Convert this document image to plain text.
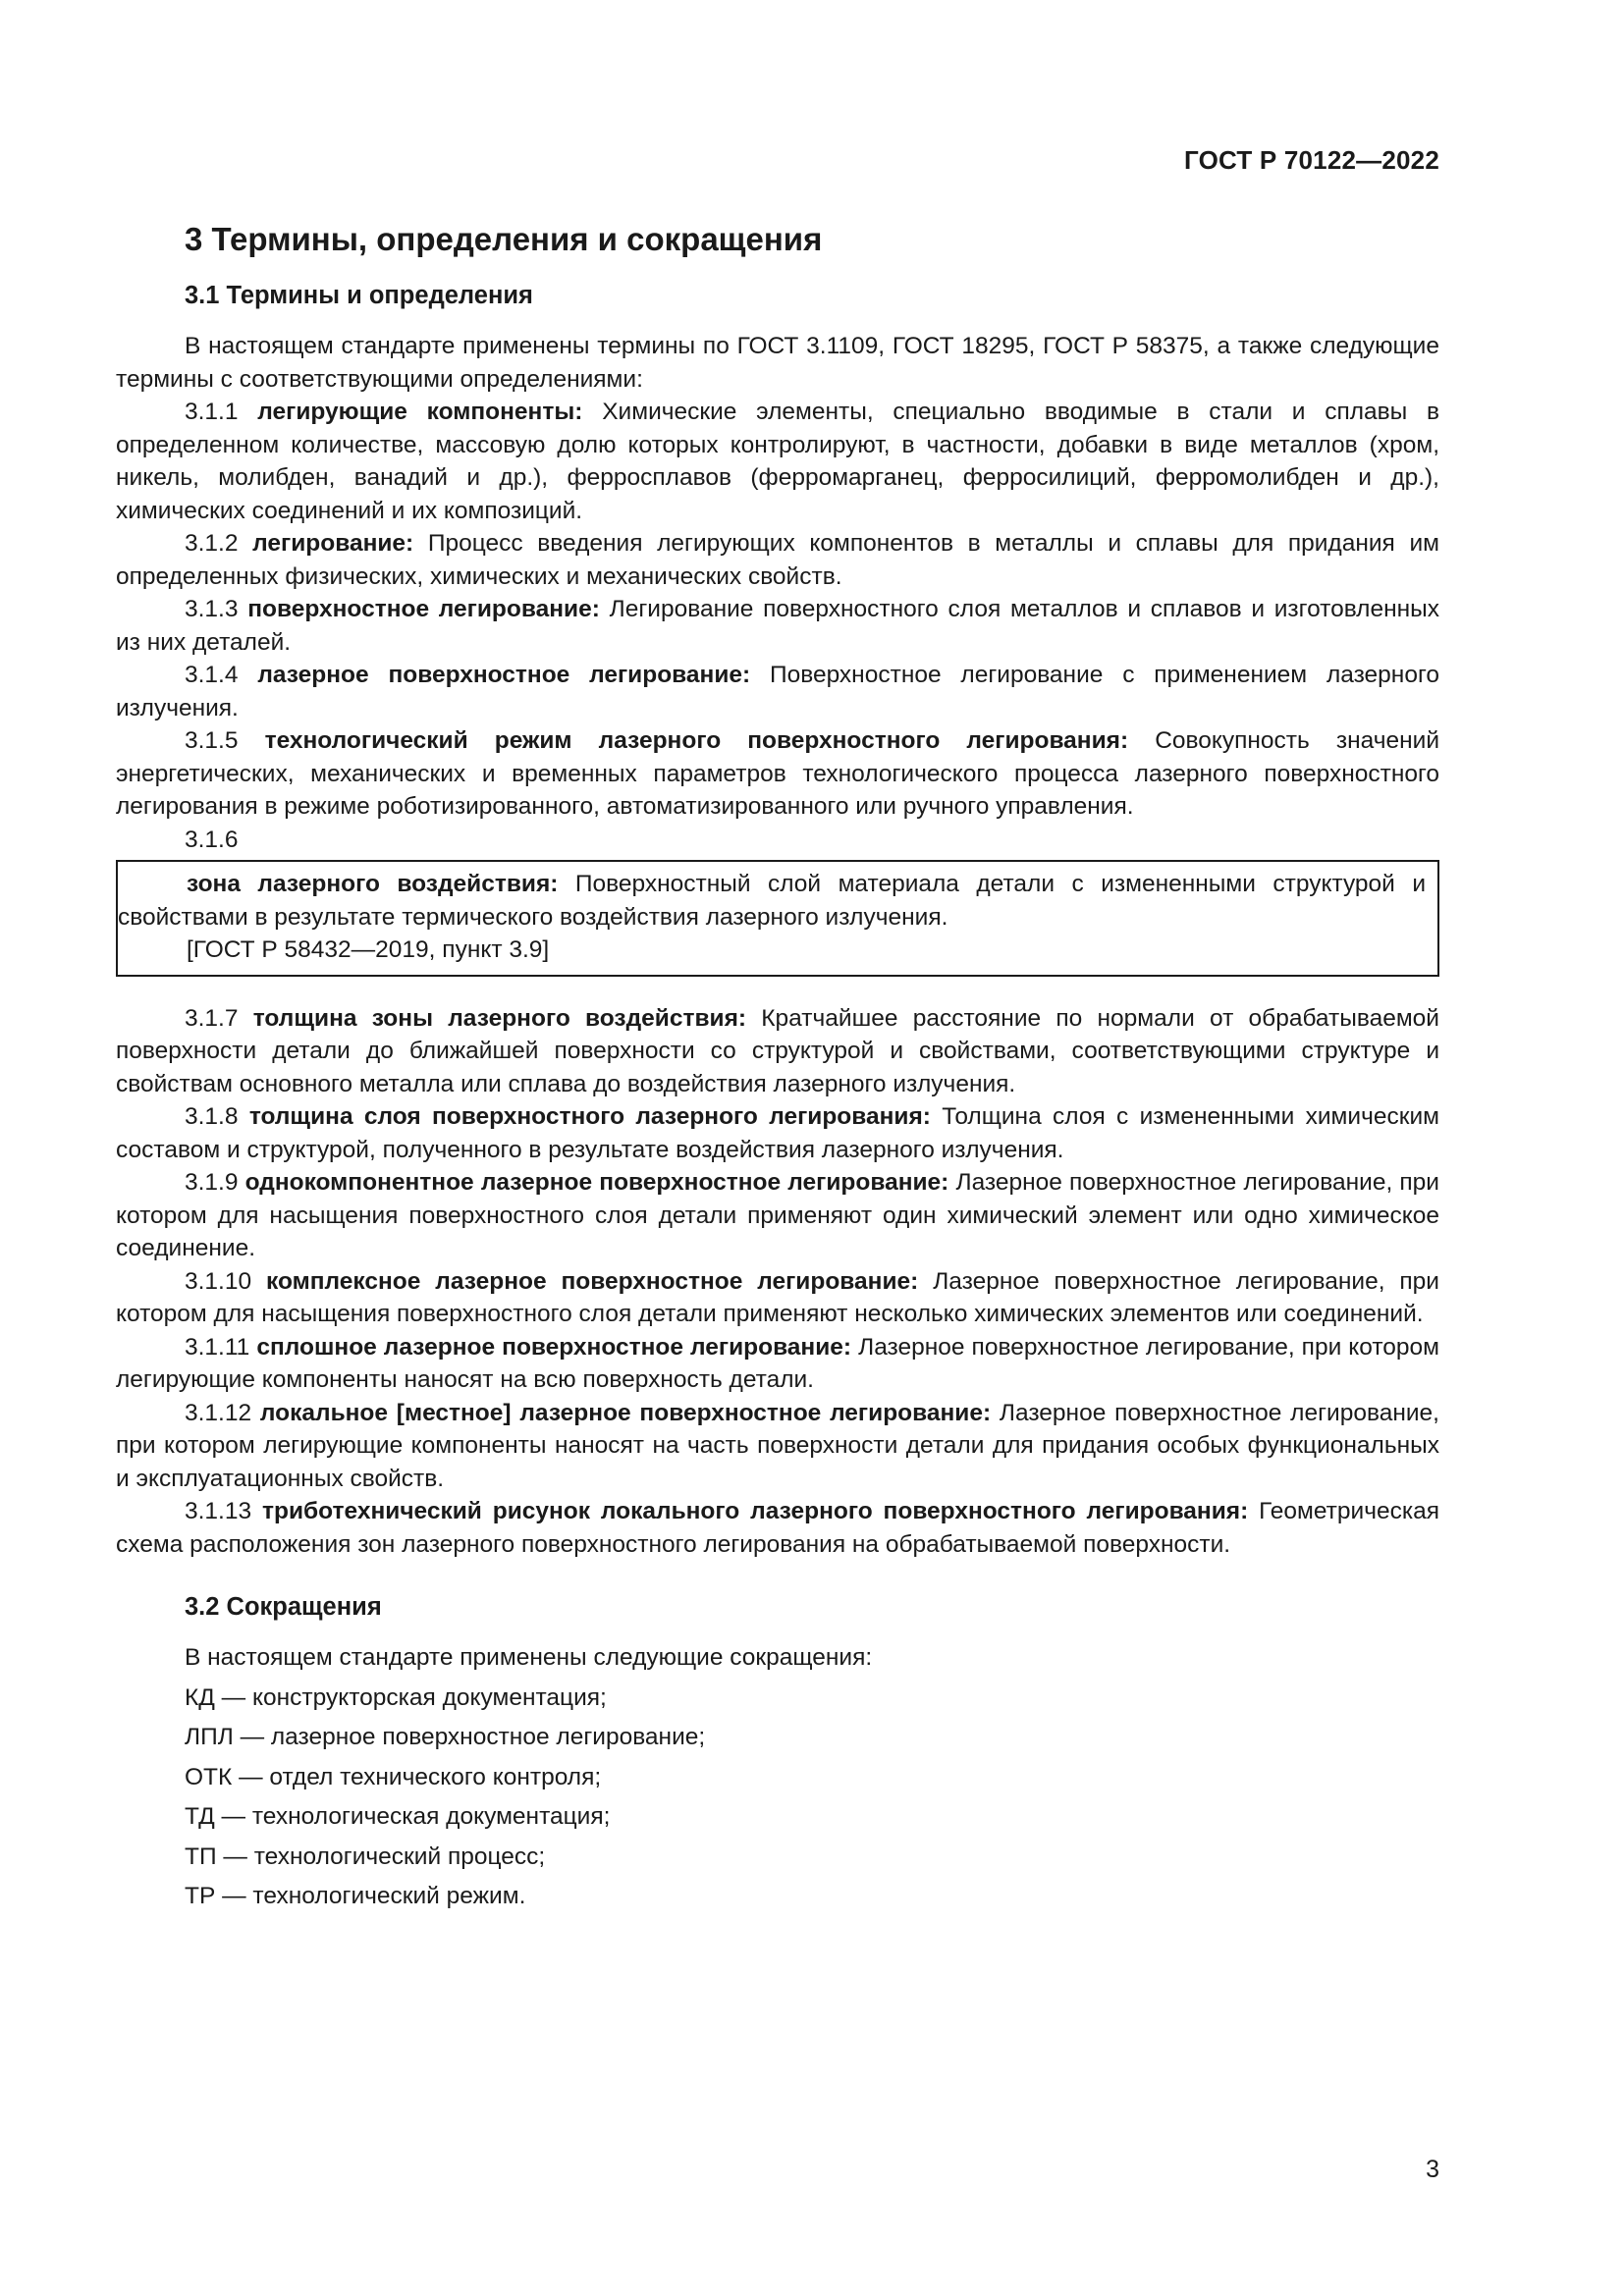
ГОСТ Р 70122—2022
3 Термины, определения и сокращения
3.1 Термины и определения

В настоящем стандарте применены термины по ГОСТ 3.1109, ГОСТ 18295, ГОСТ Р 58375, а также следующие термины с соответствующими определениями:

3.1.1 легирующие компоненты: Химические элементы, специально вводимые в стали и сплавы в определенном количестве, массовую долю которых контролируют, в частности, добавки в виде металлов (хром, никель, молибден, ванадий и др.), ферросплавов (ферромарганец, ферросилиций, ферромолибден и др.), химических соединений и их композиций.

3.1.2 легирование: Процесс введения легирующих компонентов в металлы и сплавы для придания им определенных физических, химических и механических свойств.

3.1.3 поверхностное легирование: Легирование поверхностного слоя металлов и сплавов и изготовленных из них деталей.

3.1.4 лазерное поверхностное легирование: Поверхностное легирование с применением лазерного излучения.

3.1.5 технологический режим лазерного поверхностного легирования: Совокупность значений энергетических, механических и временных параметров технологического процесса лазерного поверхностного легирования в режиме роботизированного, автоматизированного или ручного управления.

3.1.6

зона лазерного воздействия: Поверхностный слой материала детали с измененными структурой и свойствами в результате термического воздействия лазерного излучения.

[ГОСТ Р 58432—2019, пункт 3.9]

3.1.7 толщина зоны лазерного воздействия: Кратчайшее расстояние по нормали от обрабатываемой поверхности детали до ближайшей поверхности со структурой и свойствами, соответствующими структуре и свойствам основного металла или сплава до воздействия лазерного излучения.

3.1.8 толщина слоя поверхностного лазерного легирования: Толщина слоя с измененными химическим составом и структурой, полученного в результате воздействия лазерного излучения.

3.1.9 однокомпонентное лазерное поверхностное легирование: Лазерное поверхностное легирование, при котором для насыщения поверхностного слоя детали применяют один химический элемент или одно химическое соединение.

3.1.10 комплексное лазерное поверхностное легирование: Лазерное поверхностное легирование, при котором для насыщения поверхностного слоя детали применяют несколько химических элементов или соединений.

3.1.11 сплошное лазерное поверхностное легирование: Лазерное поверхностное легирование, при котором легирующие компоненты наносят на всю поверхность детали.

3.1.12 локальное [местное] лазерное поверхностное легирование: Лазерное поверхностное легирование, при котором легирующие компоненты наносят на часть поверхности детали для придания особых функциональных и эксплуатационных свойств.

3.1.13 триботехнический рисунок локального лазерного поверхностного легирования: Геометрическая схема расположения зон лазерного поверхностного легирования на обрабатываемой поверхности.

3.2 Сокращения

В настоящем стандарте применены следующие сокращения:

КД — конструкторская документация;
ЛПЛ — лазерное поверхностное легирование;
ОТК — отдел технического контроля;
ТД — технологическая документация;
ТП — технологический процесс;
ТР — технологический режим.
3
